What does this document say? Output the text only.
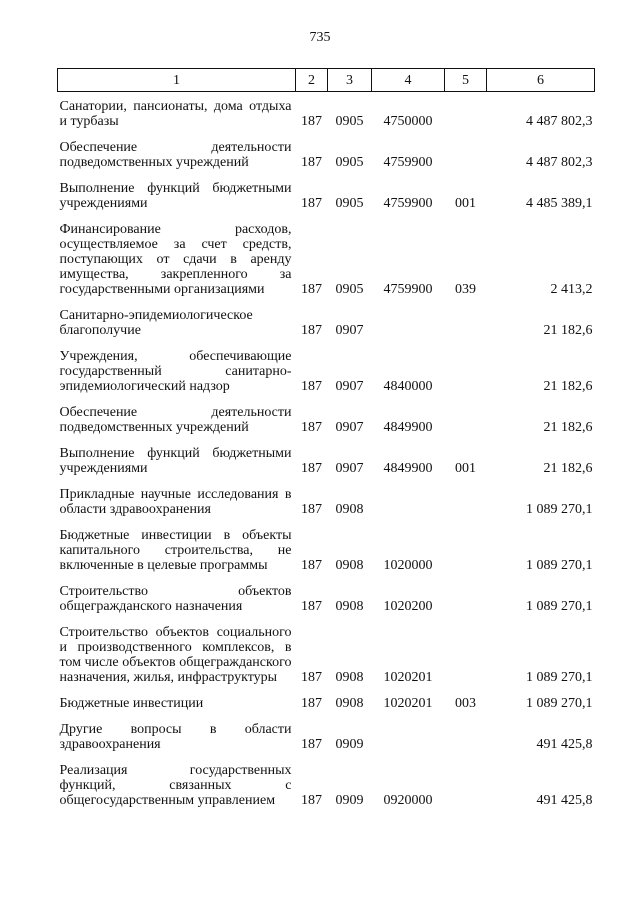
735
1	2	3	4	5	6

Санатории, пансионаты, дома отдыха и турбазы	187	0905	4750000		4 487 802,3

Обеспечение деятельности подведомственных учреждений	187	0905	4759900		4 487 802,3

Выполнение функций бюджетными учреждениями	187	0905	4759900	001	4 485 389,1

Финансирование расходов, осуществляемое за счет средств, поступающих от сдачи в аренду имущества, закрепленного за государственными организациями	187	0905	4759900	039	2 413,2

Санитарно-эпидемиологическое благополучие	187	0907			21 182,6

Учреждения, обеспечивающие государственный санитарно-эпидемиологический надзор	187	0907	4840000		21 182,6

Обеспечение деятельности подведомственных учреждений	187	0907	4849900		21 182,6

Выполнение функций бюджетными учреждениями	187	0907	4849900	001	21 182,6

Прикладные научные исследования в области здравоохранения	187	0908			1 089 270,1

Бюджетные инвестиции в объекты капитального строительства, не включенные в целевые программы	187	0908	1020000		1 089 270,1

Строительство объектов общегражданского назначения	187	0908	1020200		1 089 270,1

Строительство объектов социального и производственного комплексов, в том числе объектов общегражданского назначения, жилья, инфраструктуры	187	0908	1020201		1 089 270,1

Бюджетные инвестиции	187	0908	1020201	003	1 089 270,1

Другие вопросы в области здравоохранения	187	0909			491 425,8

Реализация государственных функций, связанных с общегосударственным управлением	187	0909	0920000		491 425,8
